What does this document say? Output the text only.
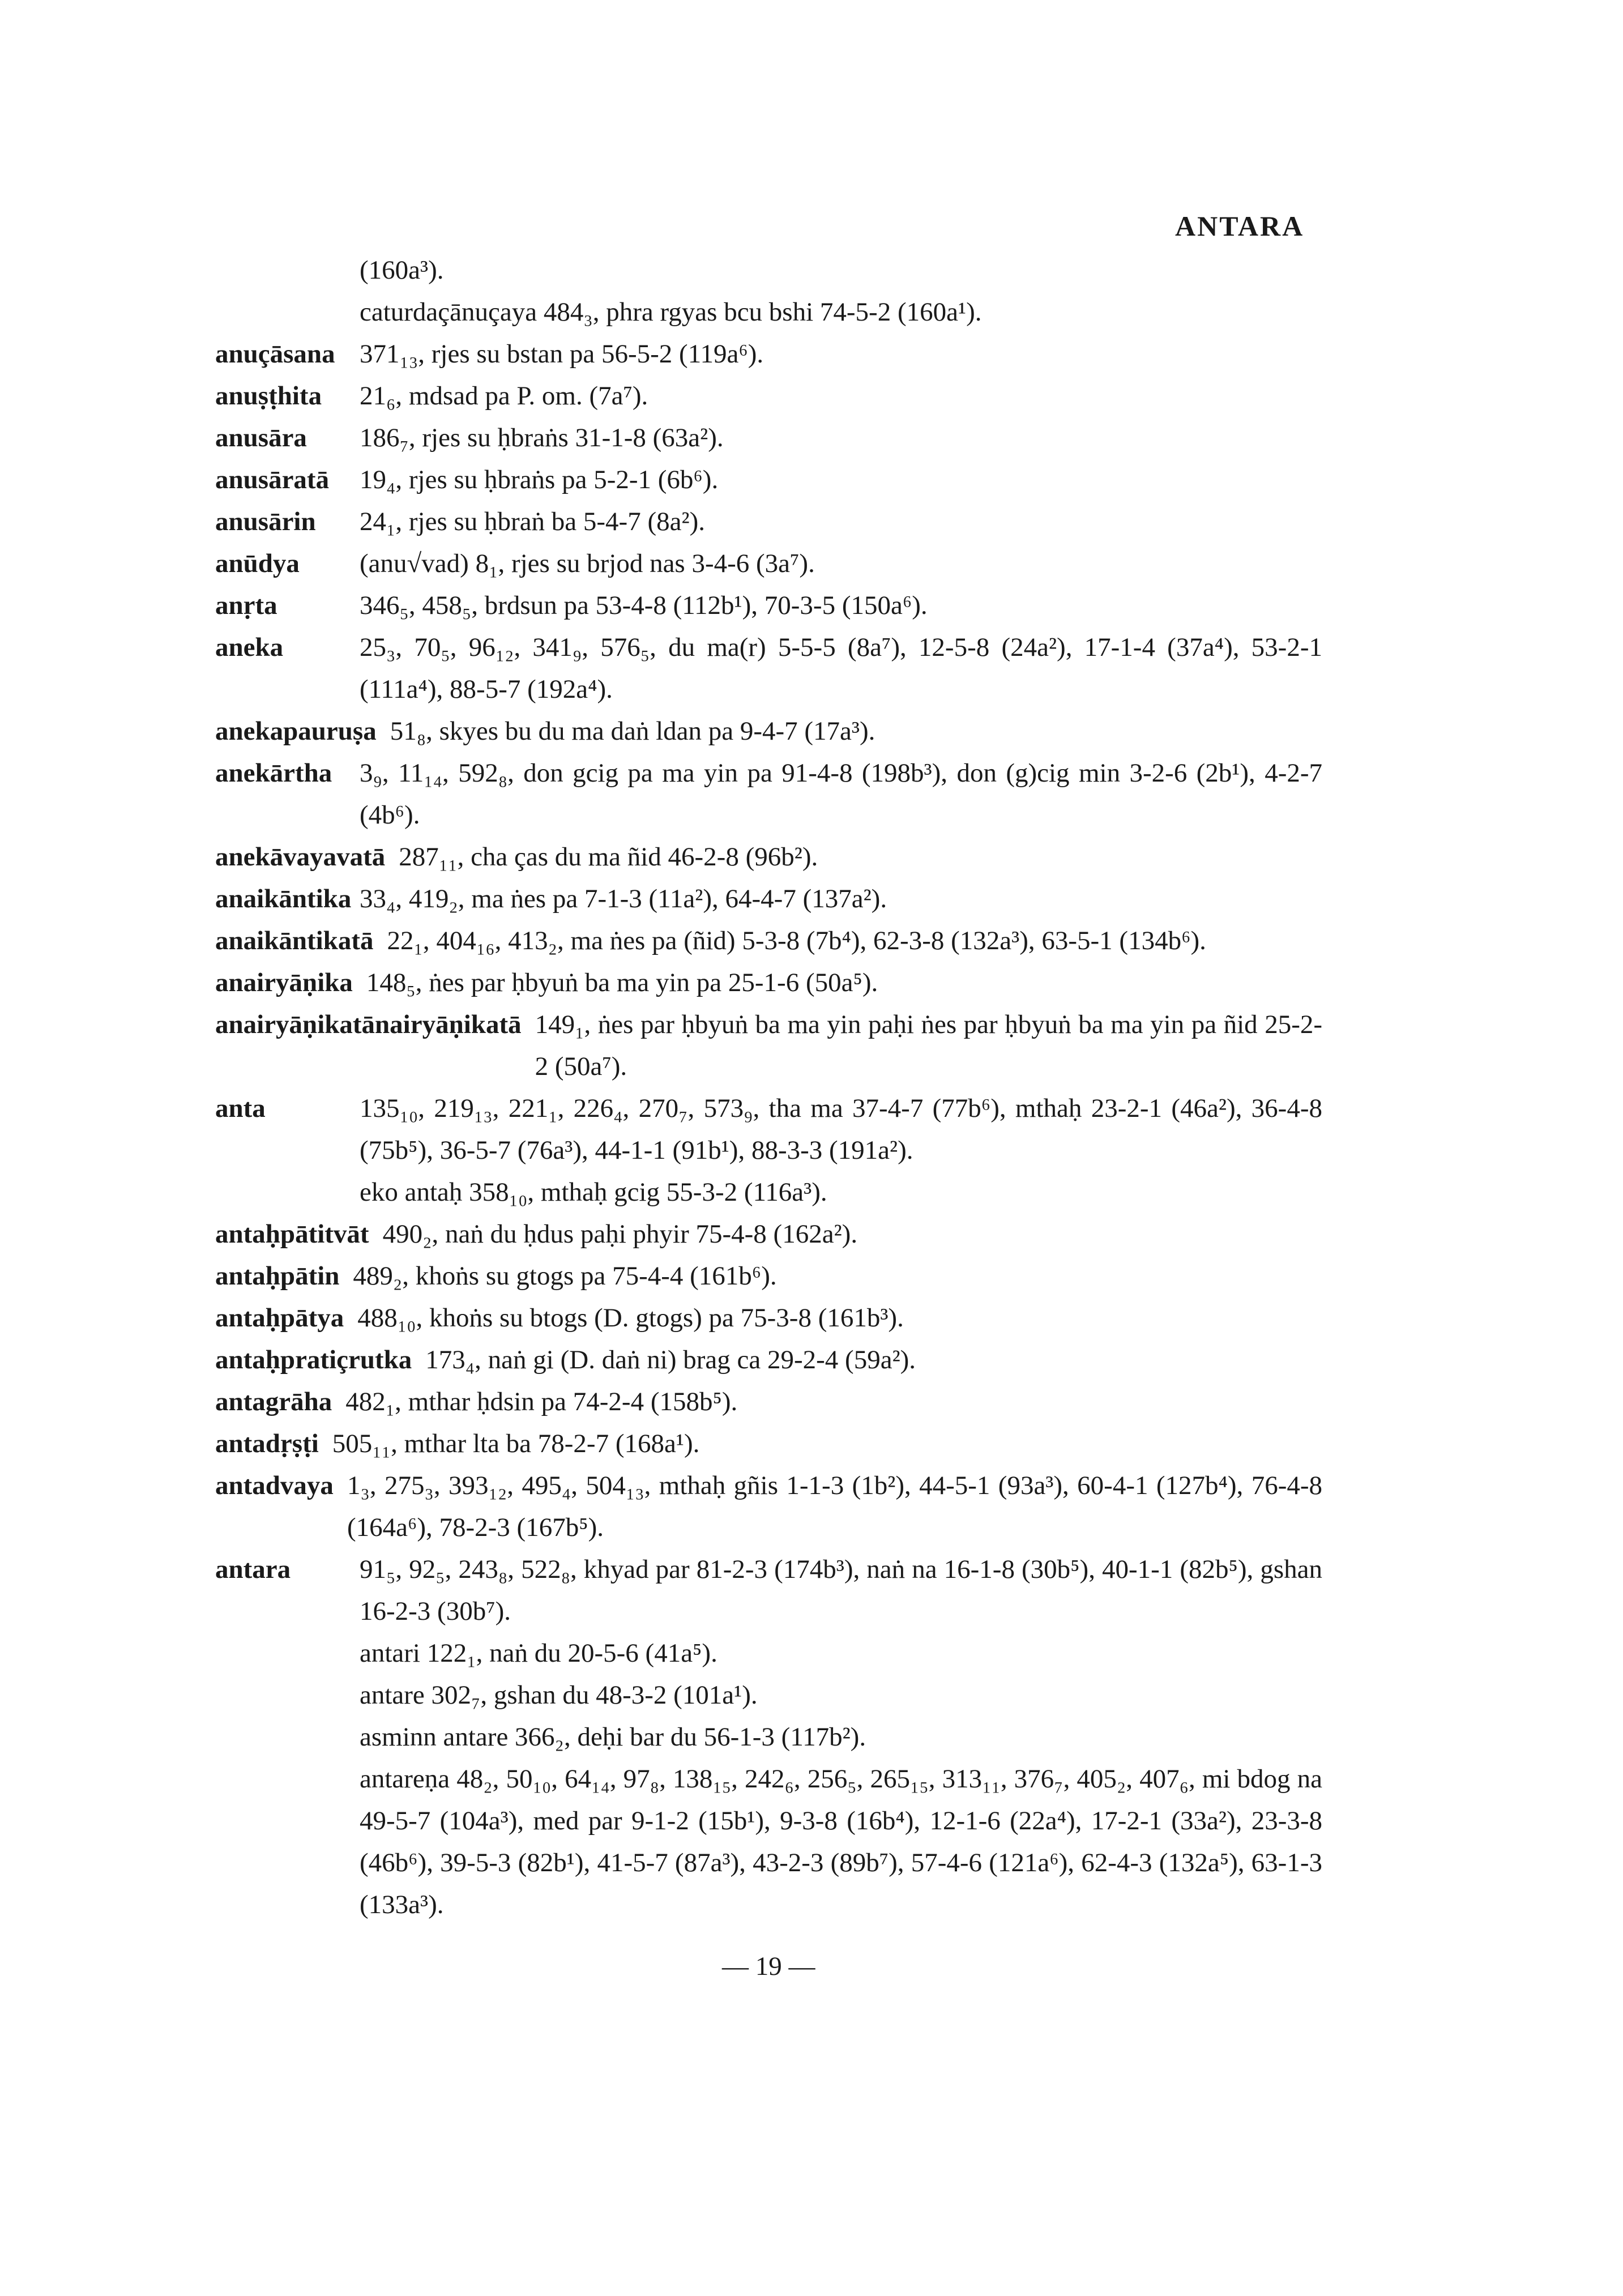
ANTARA
(160a³).
caturdaçānuçaya 484₃, phra rgyas bcu bshi 74-5-2 (160a¹).
anuçāsana 371₁₃, rjes su bstan pa 56-5-2 (119a⁶).
anuṣṭhita	21₆, mdsad pa P. om. (7a⁷).
anusāra	186₇, rjes su ḥbraṅs 31-1-8 (63a²).
anusāratā	19₄, rjes su ḥbraṅs pa 5-2-1 (6b⁶).
anusārin	24₁, rjes su ḥbraṅ ba 5-4-7 (8a²).
anūdya	(anu√vad) 8₁, rjes su brjod nas 3-4-6 (3a⁷).
anṛta	346₅, 458₅, brdsun pa 53-4-8 (112b¹), 70-3-5 (150a⁶).
aneka	25₃, 70₅, 96₁₂, 341₉, 576₅, du ma(r) 5-5-5 (8a⁷), 12-5-8 (24a²), 17-1-4 (37a⁴), 53-2-1 (111a⁴), 88-5-7 (192a⁴).
anekapauruṣa 51₈, skyes bu du ma daṅ ldan pa 9-4-7 (17a³).
anekārtha	3₉, 11₁₄, 592₈, don gcig pa ma yin pa 91-4-8 (198b³), don (g)cig min 3-2-6 (2b¹), 4-2-7 (4b⁶).
anekāvayavatā 287₁₁, cha ças du ma ñid 46-2-8 (96b²).
anaikāntika 33₄, 419₂, ma ṅes pa 7-1-3 (11a²), 64-4-7 (137a²).
anaikāntikatā 22₁, 404₁₆, 413₂, ma ṅes pa (ñid) 5-3-8 (7b⁴), 62-3-8 (132a³), 63-5-1 (134b⁶).
anairyāṇika 148₅, ṅes par ḥbyuṅ ba ma yin pa 25-1-6 (50a⁵).
anairyāṇikatānairyāṇikatā 149₁, ṅes par ḥbyuṅ ba ma yin paḥi ṅes par ḥbyuṅ ba ma yin pa ñid 25-2-2 (50a⁷).
anta	135₁₀, 219₁₃, 221₁, 226₄, 270₇, 573₉, tha ma 37-4-7 (77b⁶), mthaḥ 23-2-1 (46a²), 36-4-8 (75b⁵), 36-5-7 (76a³), 44-1-1 (91b¹), 88-3-3 (191a²).
eko antaḥ 358₁₀, mthaḥ gcig 55-3-2 (116a³).
antaḥpātitvāt 490₂, naṅ du ḥdus paḥi phyir 75-4-8 (162a²).
antaḥpātin 489₂, khoṅs su gtogs pa 75-4-4 (161b⁶).
antaḥpātya 488₁₀, khoṅs su btogs (D. gtogs) pa 75-3-8 (161b³).
antaḥpratiçrutka 173₄, naṅ gi (D. daṅ ni) brag ca 29-2-4 (59a²).
antagrāha 482₁, mthar ḥdsin pa 74-2-4 (158b⁵).
antadṛṣṭi 505₁₁, mthar lta ba 78-2-7 (168a¹).
antadvaya 1₃, 275₃, 393₁₂, 495₄, 504₁₃, mthaḥ gñis 1-1-3 (1b²), 44-5-1 (93a³), 60-4-1 (127b⁴), 76-4-8 (164a⁶), 78-2-3 (167b⁵).
antara	91₅, 92₅, 243₈, 522₈, khyad par 81-2-3 (174b³), naṅ na 16-1-8 (30b⁵), 40-1-1 (82b⁵), gshan 16-2-3 (30b⁷).
antari 122₁, naṅ du 20-5-6 (41a⁵).
antare 302₇, gshan du 48-3-2 (101a¹).
asminn antare 366₂, deḥi bar du 56-1-3 (117b²).
antareṇa 48₂, 50₁₀, 64₁₄, 97₈, 138₁₅, 242₆, 256₅, 265₁₅, 313₁₁, 376₇, 405₂, 407₆, mi bdog na 49-5-7 (104a³), med par 9-1-2 (15b¹), 9-3-8 (16b⁴), 12-1-6 (22a⁴), 17-2-1 (33a²), 23-3-8 (46b⁶), 39-5-3 (82b¹), 41-5-7 (87a³), 43-2-3 (89b⁷), 57-4-6 (121a⁶), 62-4-3 (132a⁵), 63-1-3 (133a³).
— 19 —
